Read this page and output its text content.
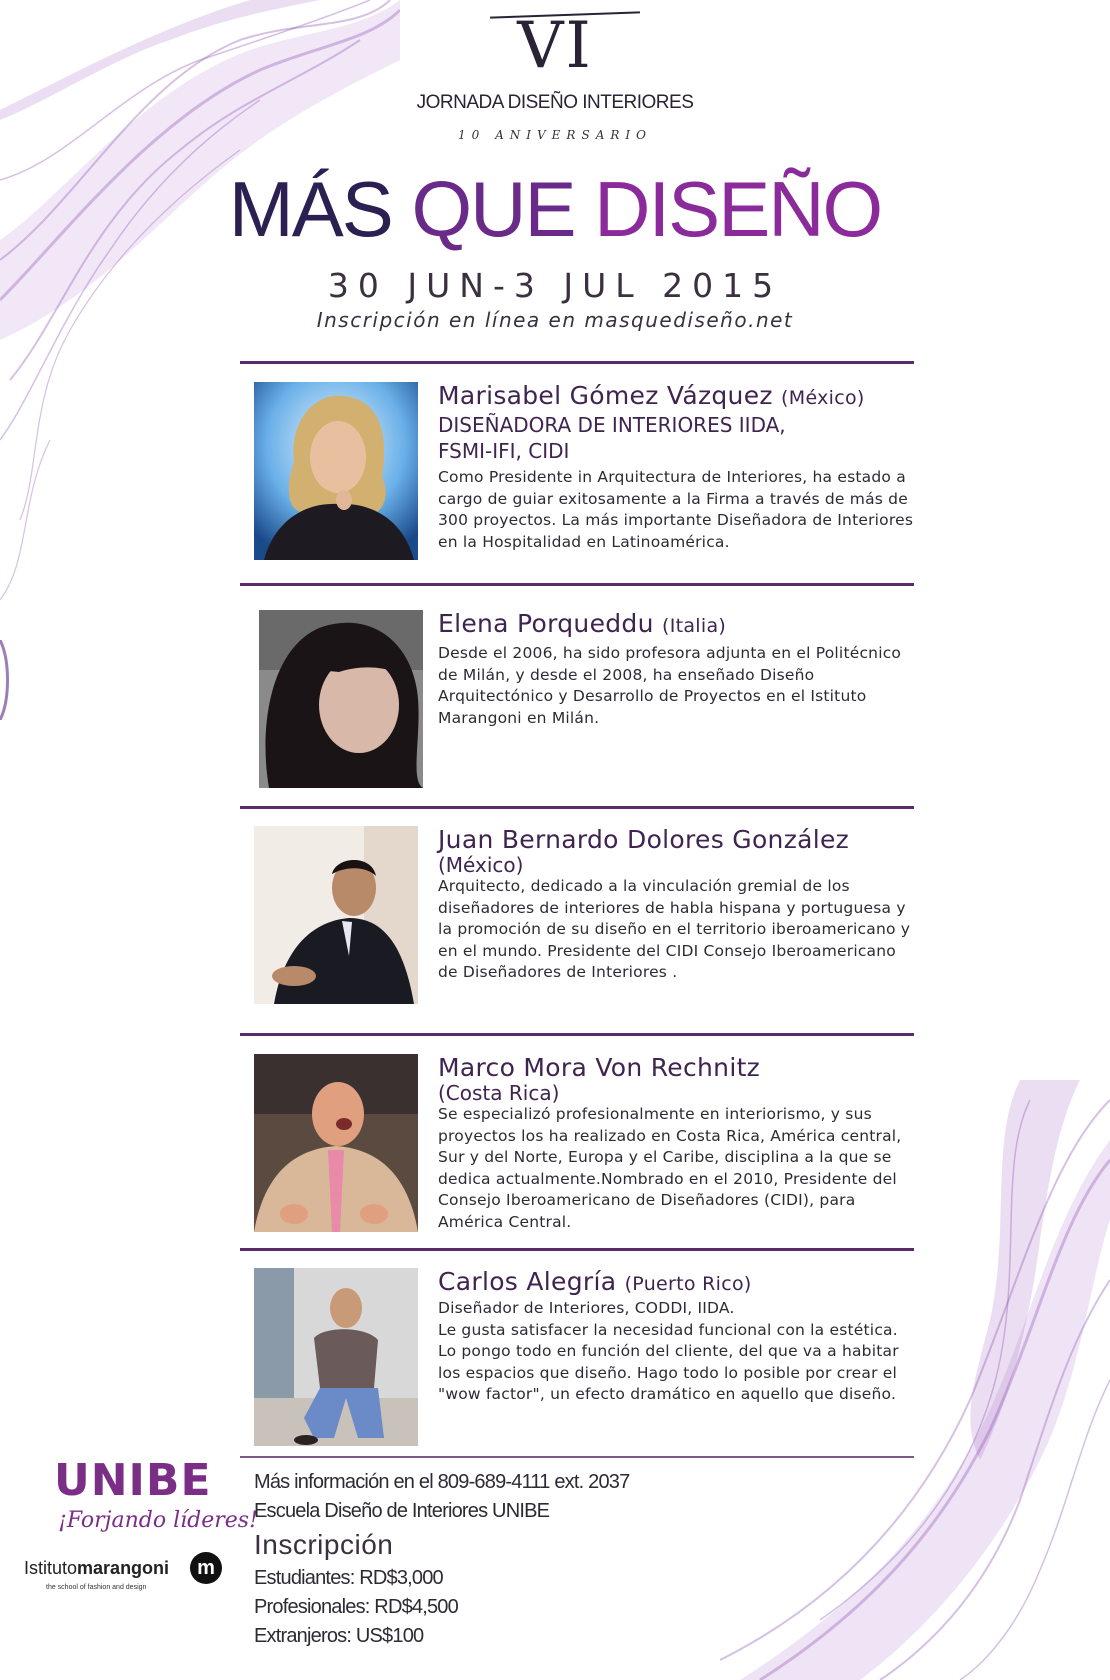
VI
JORNADA DISEÑO INTERIORES
10 ANIVERSARIO
MÁS QUE DISEÑO
30 JUN-3 JUL 2015
Inscripción en línea en masquediseño.net
Marisabel Gómez Vázquez (México)
DISEÑADORA DE INTERIORES IIDA,
FSMI-IFI, CIDI
Como Presidente in Arquitectura de Interiores, ha estado a cargo de guiar exitosamente a la Firma a través de más de 300 proyectos. La más importante Diseñadora de Interiores en la Hospitalidad en Latinoamérica.
Elena Porqueddu (Italia)
Desde el 2006, ha sido profesora adjunta en el Politécnico de Milán, y desde el 2008, ha enseñado Diseño Arquitectónico y Desarrollo de Proyectos en el Istituto Marangoni en Milán.
Juan Bernardo Dolores González
(México)
Arquitecto, dedicado a la vinculación gremial de los diseñadores de interiores de habla hispana y portuguesa y la promoción de su diseño en el territorio iberoamericano y en el mundo. Presidente del CIDI Consejo Iberoamericano de Diseñadores de Interiores .
Marco Mora Von Rechnitz
(Costa Rica)
Se especializó profesionalmente en interiorismo, y sus proyectos los ha realizado en Costa Rica, América central, Sur y del Norte, Europa y el Caribe, disciplina a la que se dedica actualmente.Nombrado en el 2010, Presidente del Consejo Iberoamericano de Diseñadores (CIDI), para América Central.
Carlos Alegría (Puerto Rico)
Diseñador de Interiores, CODDI, IIDA.
Le gusta satisfacer la necesidad funcional con la estética. Lo pongo todo en función del cliente, del que va a habitar los espacios que diseño. Hago todo lo posible por crear el "wow factor", un efecto dramático en aquello que diseño.
UNIBE
¡Forjando líderes!
Istitutomarangoni	m
the school of fashion and design
Más información en el 809-689-4111 ext. 2037
Escuela Diseño de Interiores UNIBE
Inscripción
Estudiantes: RD$3,000
Profesionales: RD$4,500
Extranjeros: US$100
